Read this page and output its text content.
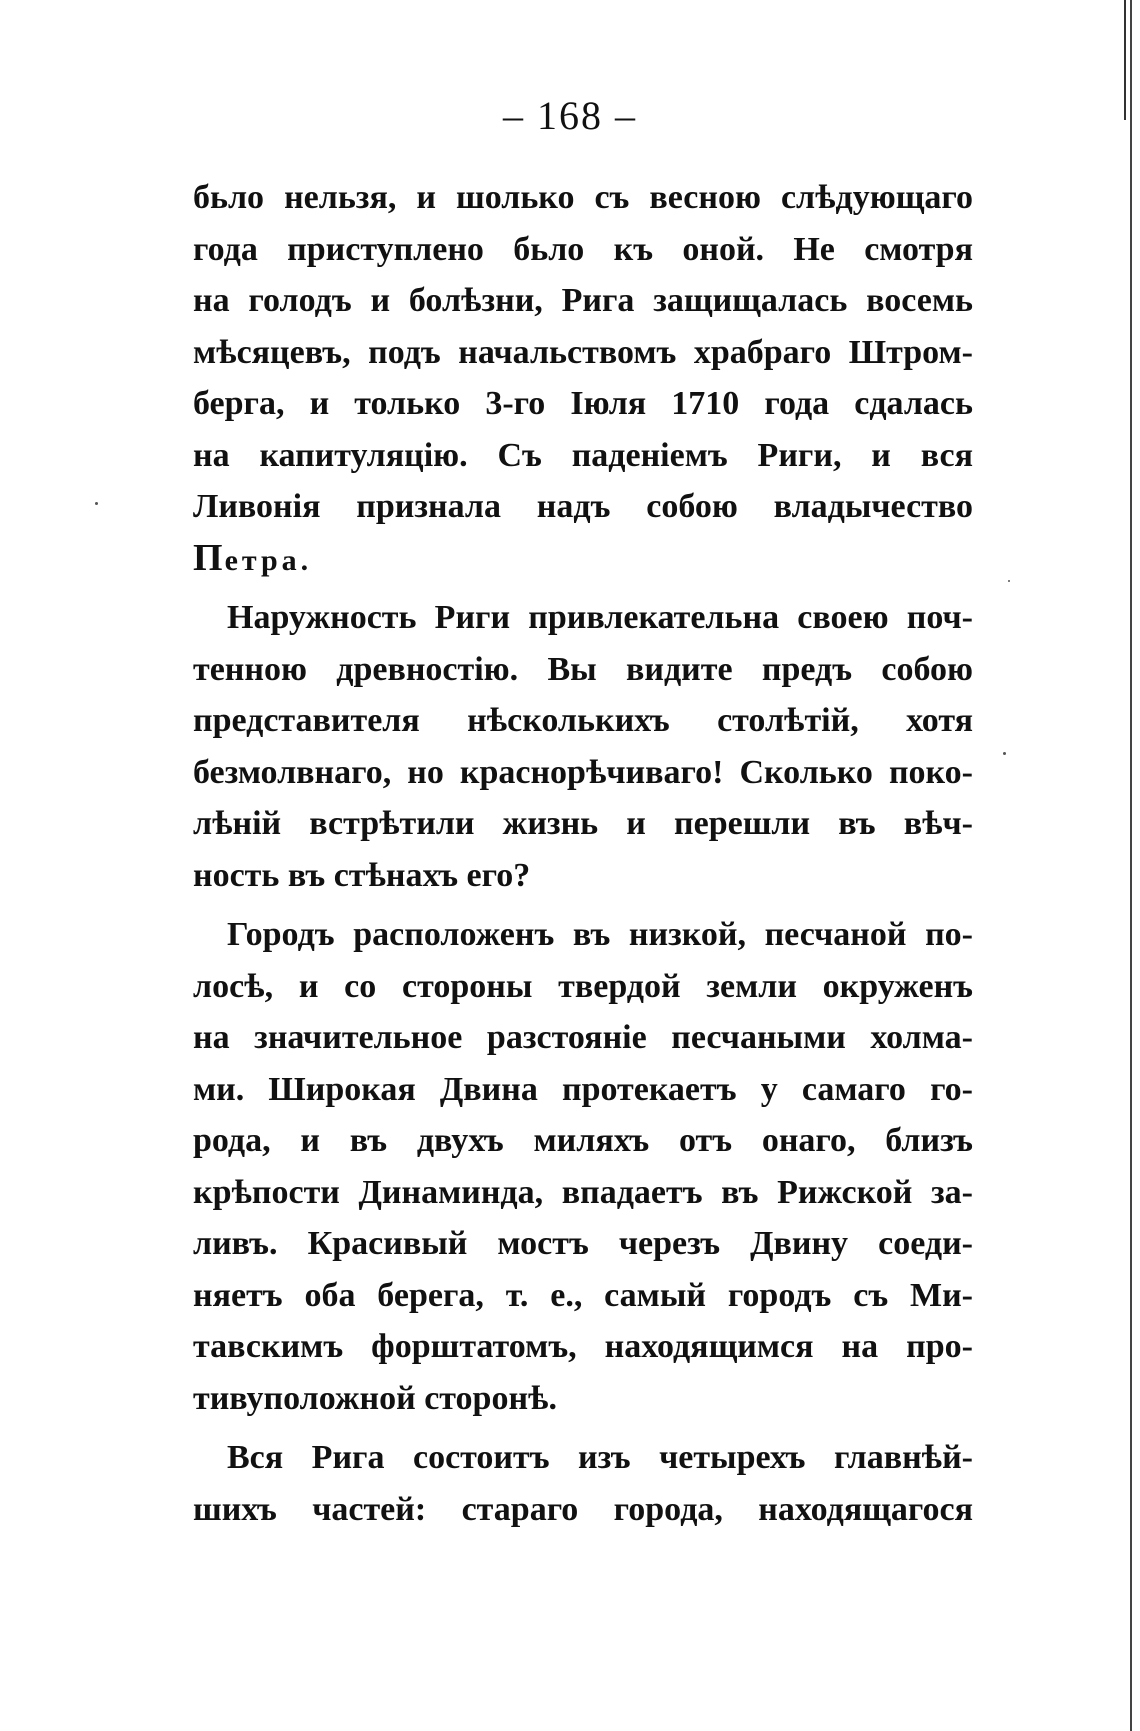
– 168 –
бьло нельзя, и шолько съ весною слѣдующаго
года приступлено бьло къ оной. Не смотря
на голодъ и болѣзни, Рига защищалась восемь
мѣсяцевъ, подъ начальствомъ храбраго Штром-
берга, и только 3-го Іюля 1710 года сдалась
на капитуляцію. Съ паденіемъ Риги, и вся
Ливонія признала надъ собою владычество
Петра.
Наружность Риги привлекательна своею поч-
тенною древностію. Вы видите предъ собою
представителя нѣсколькихъ столѣтій, хотя
безмолвнаго, но краснорѣчиваго! Сколько поко-
лѣній встрѣтили жизнь и перешли въ вѣч-
ность въ стѣнахъ его?
Городъ расположенъ въ низкой, песчаной по-
лосѣ, и со стороны твердой земли окруженъ
на значительное разстояніе песчаными холма-
ми. Широкая Двина протекаетъ у самаго го-
рода, и въ двухъ миляхъ отъ онаго, близъ
крѣпости Динаминда, впадаетъ въ Рижской за-
ливъ. Красивый мостъ черезъ Двину соеди-
няетъ оба берега, т. е., самый городъ съ Ми-
тавскимъ форштатомъ, находящимся на про-
тивуположной сторонѣ.
Вся Рига состоитъ изъ четырехъ главнѣй-
шихъ частей: стараго города, находящагося
